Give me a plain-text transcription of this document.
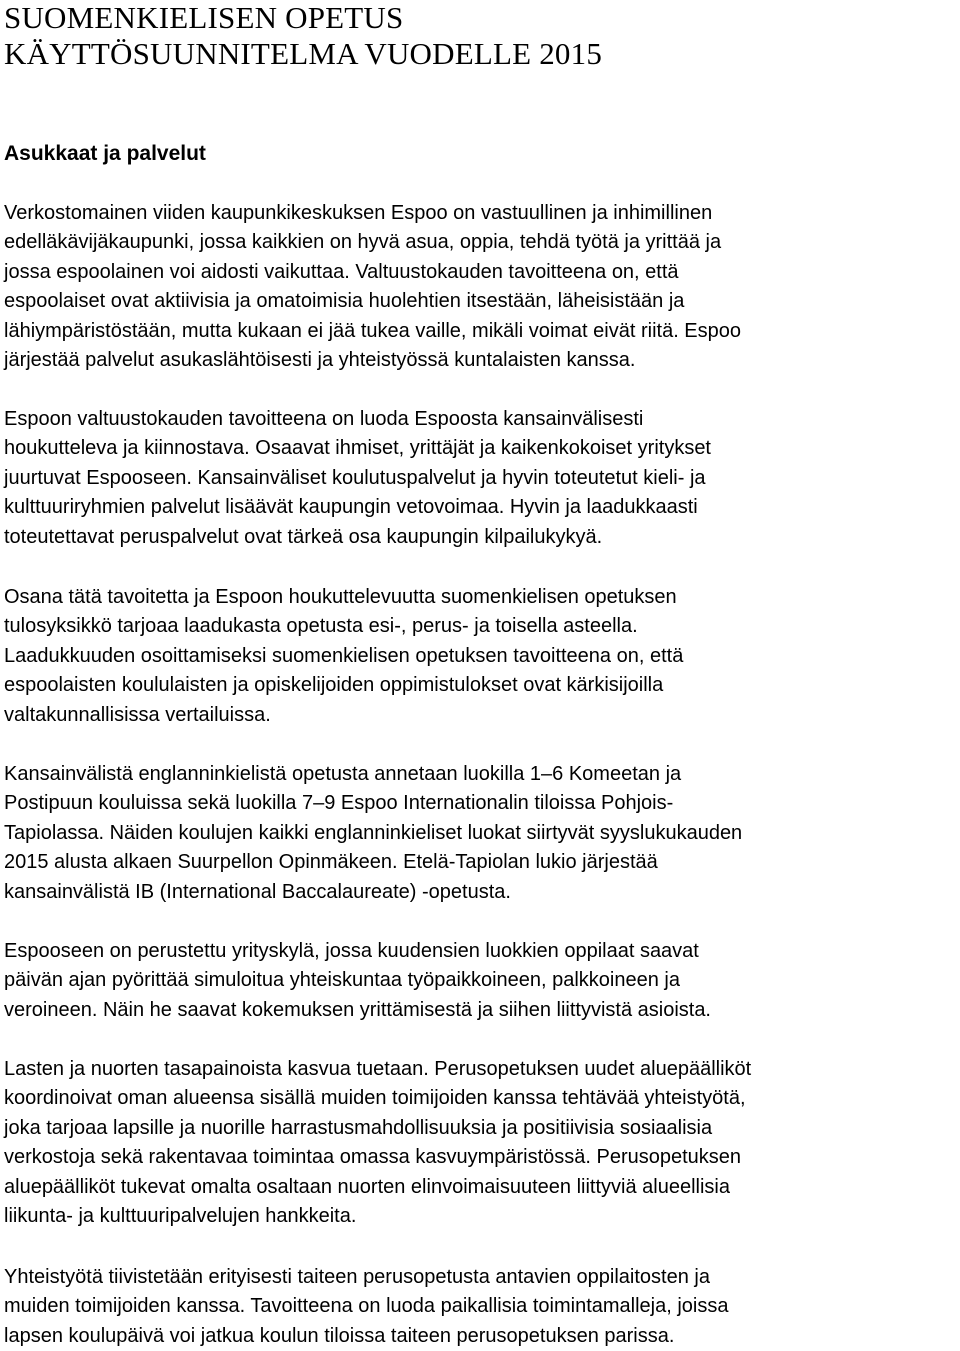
SUOMENKIELISEN OPETUS
KÄYTTÖSUUNNITELMA VUODELLE 2015
Asukkaat ja palvelut

Verkostomainen viiden kaupunkikeskuksen Espoo on vastuullinen ja inhimillinen
edelläkävijäkaupunki, jossa kaikkien on hyvä asua, oppia, tehdä työtä ja yrittää ja
jossa espoolainen voi aidosti vaikuttaa. Valtuustokauden tavoitteena on, että
espoolaiset ovat aktiivisia ja omatoimisia huolehtien itsestään, läheisistään ja
lähiympäristöstään, mutta kukaan ei jää tukea vaille, mikäli voimat eivät riitä. Espoo
järjestää palvelut asukaslähtöisesti ja yhteistyössä kuntalaisten kanssa.

Espoon valtuustokauden tavoitteena on luoda Espoosta kansainvälisesti
houkutteleva ja kiinnostava. Osaavat ihmiset, yrittäjät ja kaikenkokoiset yritykset
juurtuvat Espooseen. Kansainväliset koulutuspalvelut ja hyvin toteutetut kieli- ja
kulttuuriryhmien palvelut lisäävät kaupungin vetovoimaa. Hyvin ja laadukkaasti
toteutettavat peruspalvelut ovat tärkeä osa kaupungin kilpailukykyä.

Osana tätä tavoitetta ja Espoon houkuttelevuutta suomenkielisen opetuksen
tulosyksikkö tarjoaa laadukasta opetusta esi-, perus- ja toisella asteella.
Laadukkuuden osoittamiseksi suomenkielisen opetuksen tavoitteena on, että
espoolaisten koululaisten ja opiskelijoiden oppimistulokset ovat kärkisijoilla
valtakunnallisissa vertailuissa.

Kansainvälistä englanninkielistä opetusta annetaan luokilla 1–6 Komeetan ja
Postipuun kouluissa sekä luokilla 7–9 Espoo Internationalin tiloissa Pohjois-
Tapiolassa. Näiden koulujen kaikki englanninkieliset luokat siirtyvät syyslukukauden
2015 alusta alkaen Suurpellon Opinmäkeen. Etelä-Tapiolan lukio järjestää
kansainvälistä IB (International Baccalaureate) -opetusta.

Espooseen on perustettu yrityskylä, jossa kuudensien luokkien oppilaat saavat
päivän ajan pyörittää simuloitua yhteiskuntaa työpaikkoineen, palkkoineen ja
veroineen. Näin he saavat kokemuksen yrittämisestä ja siihen liittyvistä asioista.

Lasten ja nuorten tasapainoista kasvua tuetaan. Perusopetuksen uudet aluepäälliköt
koordinoivat oman alueensa sisällä muiden toimijoiden kanssa tehtävää yhteistyötä,
joka tarjoaa lapsille ja nuorille harrastusmahdollisuuksia ja positiivisia sosiaalisia
verkostoja sekä rakentavaa toimintaa omassa kasvuympäristössä. Perusopetuksen
aluepäälliköt tukevat omalta osaltaan nuorten elinvoimaisuuteen liittyviä alueellisia
liikunta- ja kulttuuripalvelujen hankkeita.

Yhteistyötä tiivistetään erityisesti taiteen perusopetusta antavien oppilaitosten ja
muiden toimijoiden kanssa. Tavoitteena on luoda paikallisia toimintamalleja, joissa
lapsen koulupäivä voi jatkua koulun tiloissa taiteen perusopetuksen parissa.
